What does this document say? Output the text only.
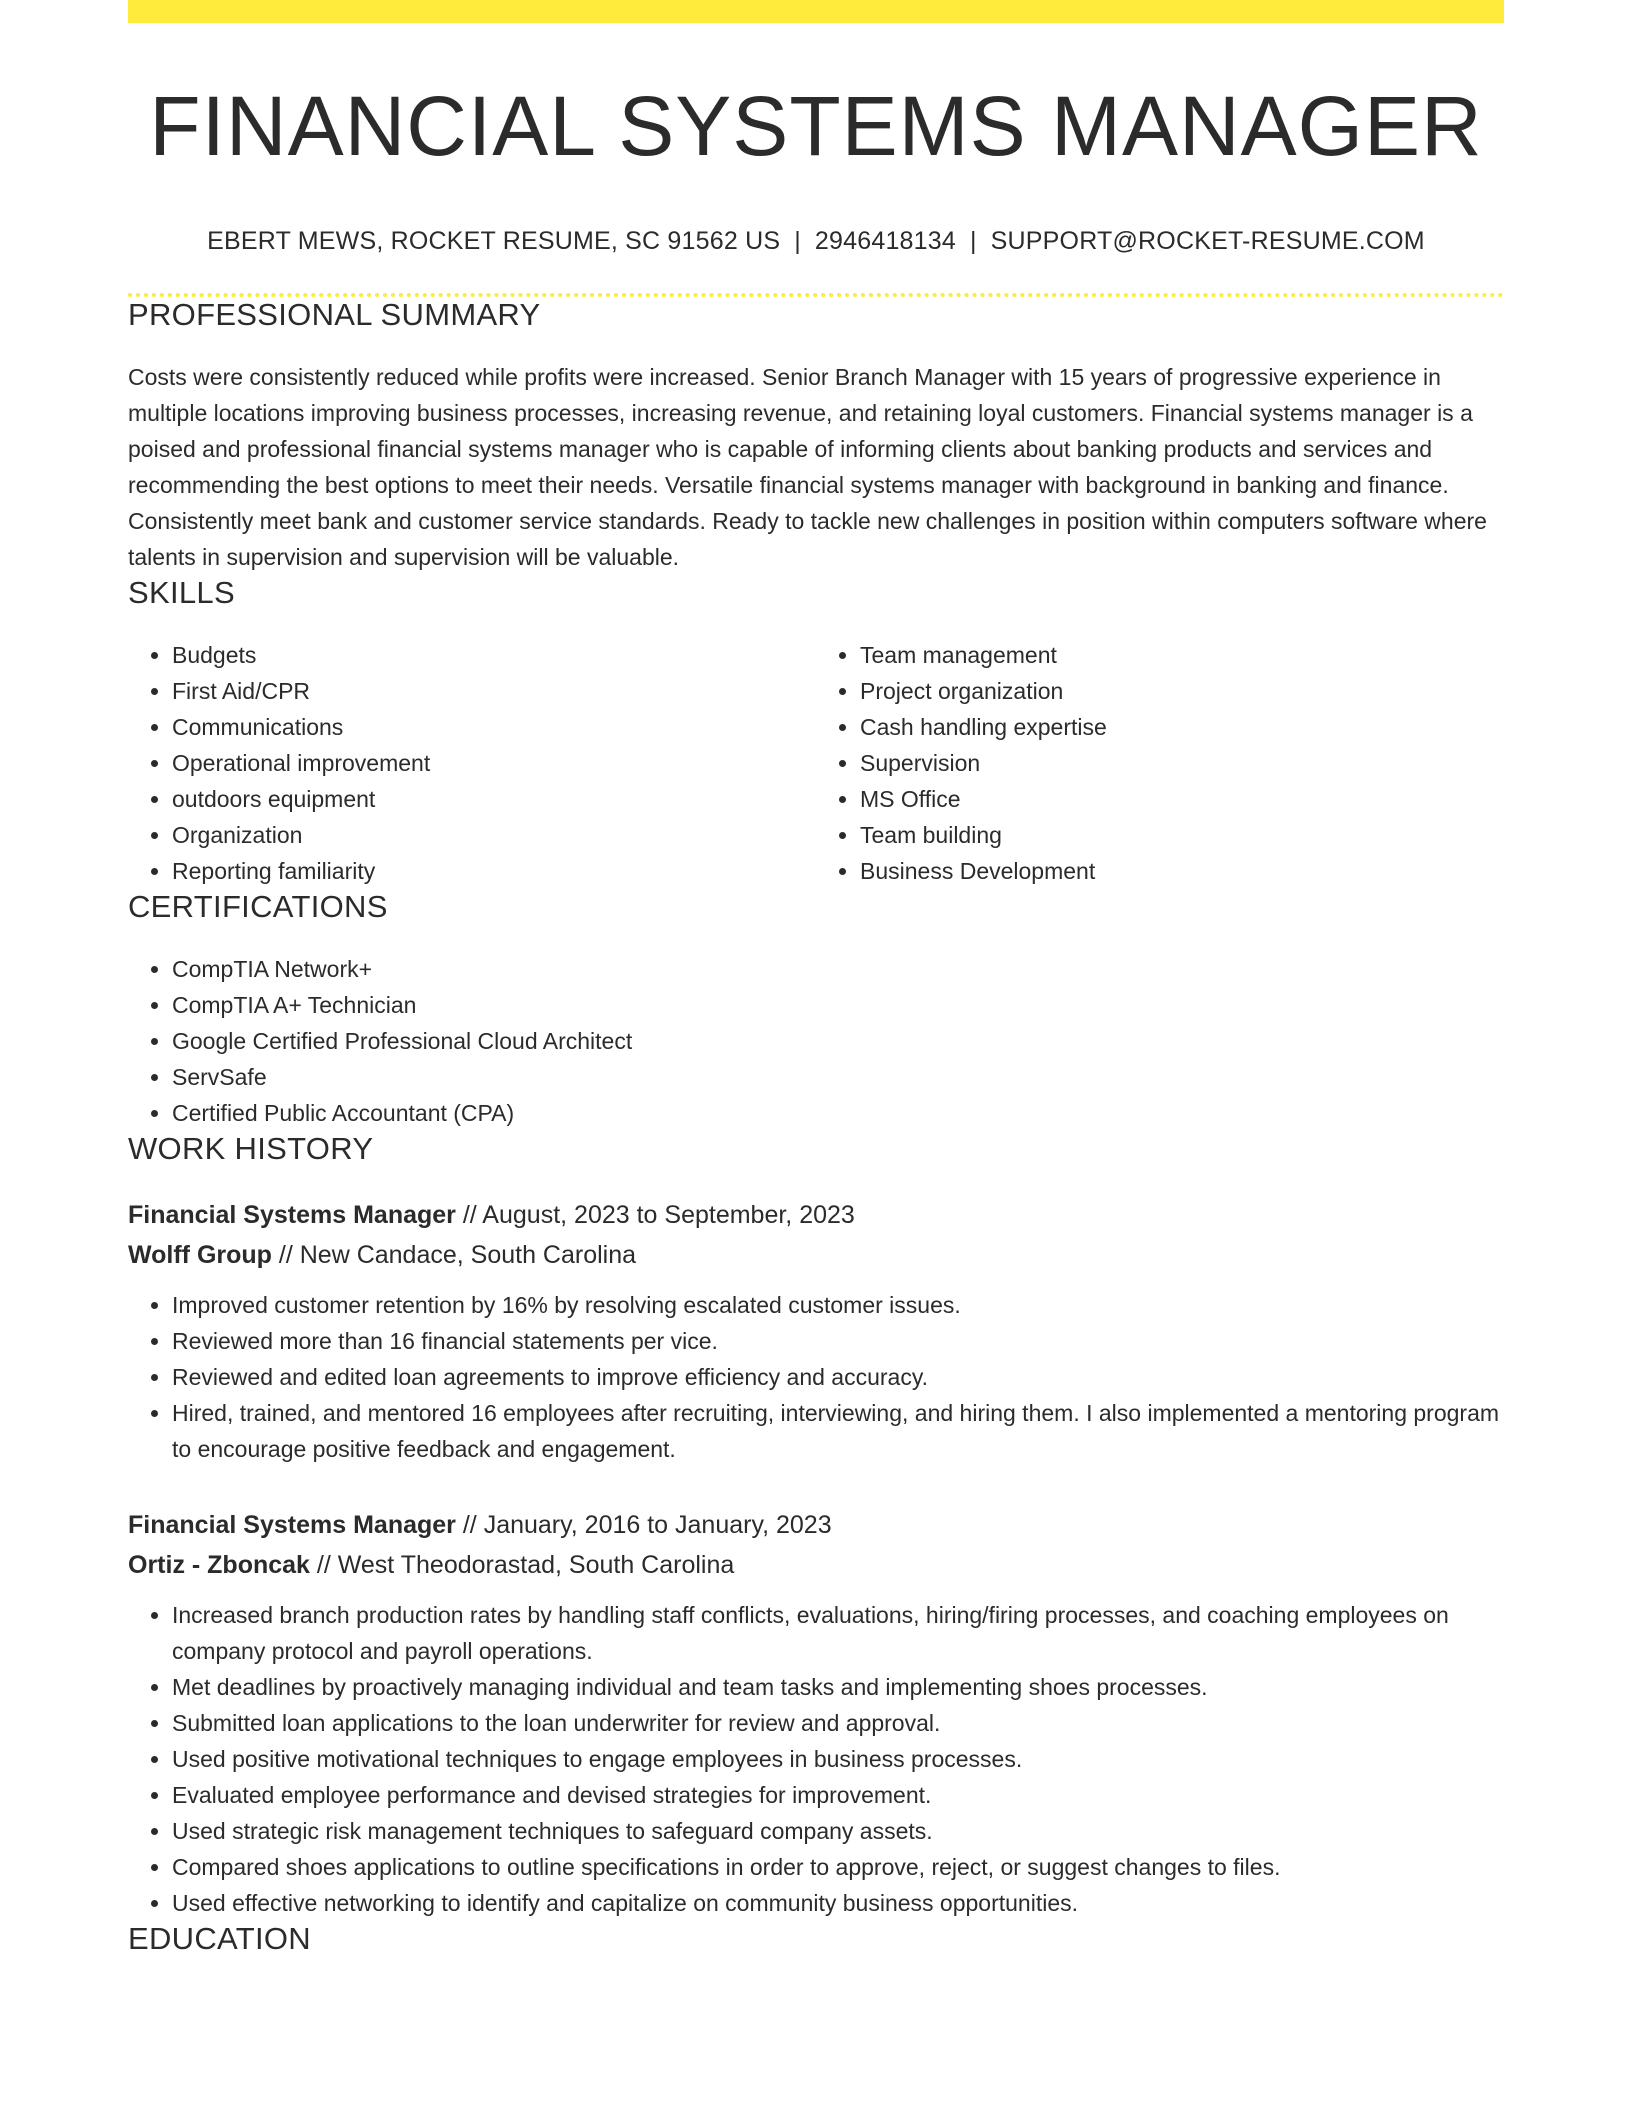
FINANCIAL SYSTEMS MANAGER
EBERT MEWS, ROCKET RESUME, SC 91562 US | 2946418134 | SUPPORT@ROCKET-RESUME.COM
PROFESSIONAL SUMMARY

Costs were consistently reduced while profits were increased. Senior Branch Manager with 15 years of progressive experience in multiple locations improving business processes, increasing revenue, and retaining loyal customers. Financial systems manager is a poised and professional financial systems manager who is capable of informing clients about banking products and services and recommending the best options to meet their needs. Versatile financial systems manager with background in banking and finance. Consistently meet bank and customer service standards. Ready to tackle new challenges in position within computers software where talents in supervision and supervision will be valuable.

SKILLS
• Budgets
• First Aid/CPR
• Communications
• Operational improvement
• outdoors equipment
• Organization
• Reporting familiarity
• Team management
• Project organization
• Cash handling expertise
• Supervision
• MS Office
• Team building
• Business Development
CERTIFICATIONS
• CompTIA Network+
• CompTIA A+ Technician
• Google Certified Professional Cloud Architect
• ServSafe
• Certified Public Accountant (CPA)
WORK HISTORY
Financial Systems Manager // August, 2023 to September, 2023
Wolff Group // New Candace, South Carolina
• Improved customer retention by 16% by resolving escalated customer issues.
• Reviewed more than 16 financial statements per vice.
• Reviewed and edited loan agreements to improve efficiency and accuracy.
• Hired, trained, and mentored 16 employees after recruiting, interviewing, and hiring them. I also implemented a mentoring program to encourage positive feedback and engagement.
Financial Systems Manager // January, 2016 to January, 2023
Ortiz - Zboncak // West Theodorastad, South Carolina
• Increased branch production rates by handling staff conflicts, evaluations, hiring/firing processes, and coaching employees on company protocol and payroll operations.
• Met deadlines by proactively managing individual and team tasks and implementing shoes processes.
• Submitted loan applications to the loan underwriter for review and approval.
• Used positive motivational techniques to engage employees in business processes.
• Evaluated employee performance and devised strategies for improvement.
• Used strategic risk management techniques to safeguard company assets.
• Compared shoes applications to outline specifications in order to approve, reject, or suggest changes to files.
• Used effective networking to identify and capitalize on community business opportunities.
EDUCATION
